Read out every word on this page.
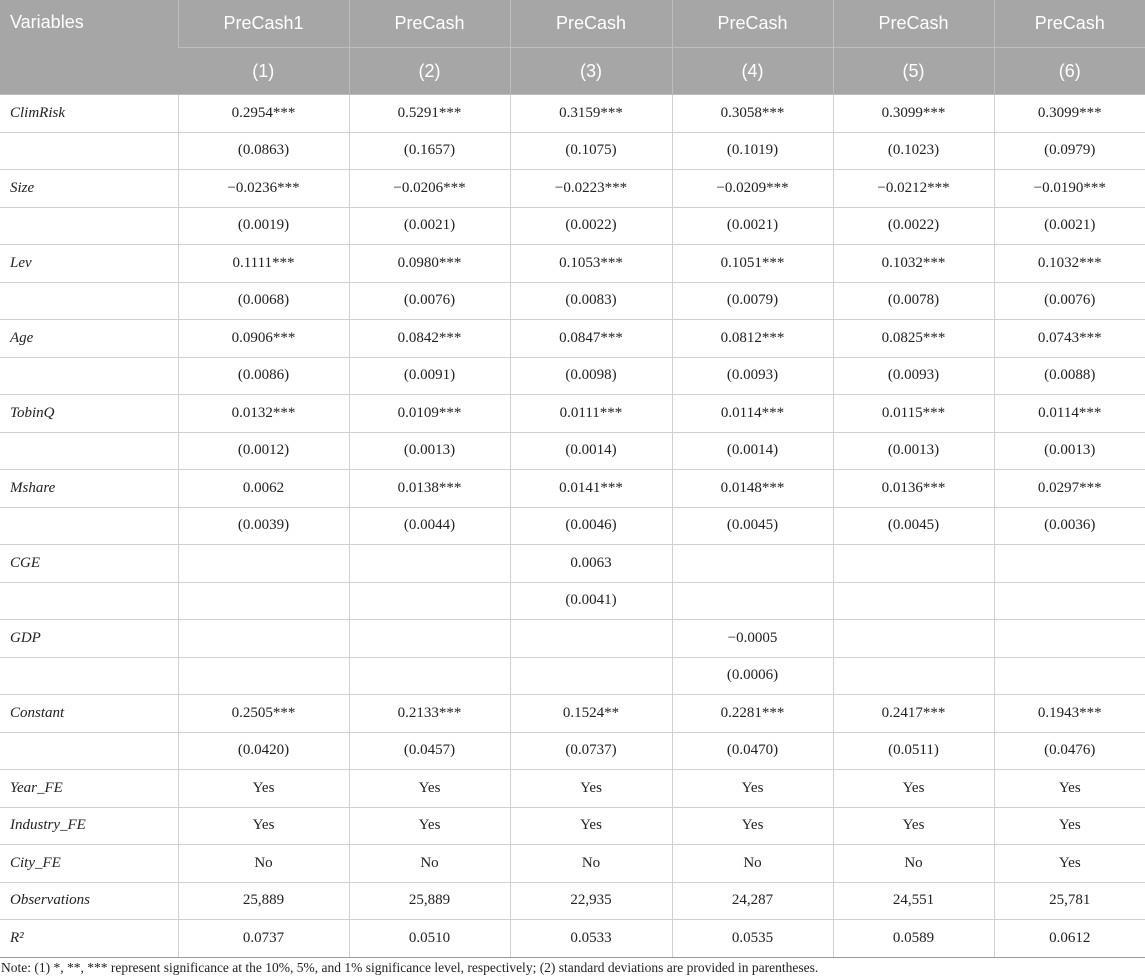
Variables	PreCash1	PreCash	PreCash	PreCash	PreCash	PreCash
	(1)	(2)	(3)	(4)	(5)	(6)
ClimRisk	0.2954***	0.5291***	0.3159***	0.3058***	0.3099***	0.3099***
	(0.0863)	(0.1657)	(0.1075)	(0.1019)	(0.1023)	(0.0979)
Size	−0.0236***	−0.0206***	−0.0223***	−0.0209***	−0.0212***	−0.0190***
	(0.0019)	(0.0021)	(0.0022)	(0.0021)	(0.0022)	(0.0021)
Lev	0.1111***	0.0980***	0.1053***	0.1051***	0.1032***	0.1032***
	(0.0068)	(0.0076)	(0.0083)	(0.0079)	(0.0078)	(0.0076)
Age	0.0906***	0.0842***	0.0847***	0.0812***	0.0825***	0.0743***
	(0.0086)	(0.0091)	(0.0098)	(0.0093)	(0.0093)	(0.0088)
TobinQ	0.0132***	0.0109***	0.0111***	0.0114***	0.0115***	0.0114***
	(0.0012)	(0.0013)	(0.0014)	(0.0014)	(0.0013)	(0.0013)
Mshare	0.0062	0.0138***	0.0141***	0.0148***	0.0136***	0.0297***
	(0.0039)	(0.0044)	(0.0046)	(0.0045)	(0.0045)	(0.0036)
CGE			0.0063			
			(0.0041)			
GDP				−0.0005		
				(0.0006)		
Constant	0.2505***	0.2133***	0.1524**	0.2281***	0.2417***	0.1943***
	(0.0420)	(0.0457)	(0.0737)	(0.0470)	(0.0511)	(0.0476)
Year_FE	Yes	Yes	Yes	Yes	Yes	Yes
Industry_FE	Yes	Yes	Yes	Yes	Yes	Yes
City_FE	No	No	No	No	No	Yes
Observations	25,889	25,889	22,935	24,287	24,551	25,781
R²	0.0737	0.0510	0.0533	0.0535	0.0589	0.0612
Note: (1) *, **, *** represent significance at the 10%, 5%, and 1% significance level, respectively; (2) standard deviations are provided in parentheses.
